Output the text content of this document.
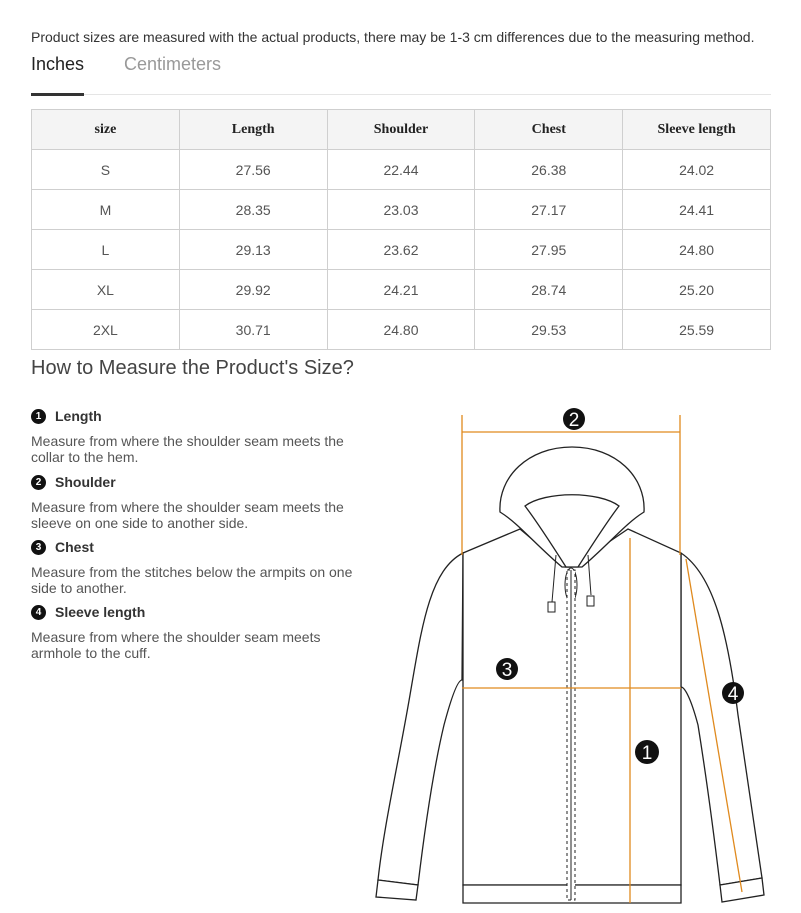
Product sizes are measured with the actual products, there may be 1-3 cm differences due to the measuring method.
Inches Centimeters
size	Length	Shoulder	Chest	Sleeve length
S	27.56	22.44	26.38	24.02
M	28.35	23.03	27.17	24.41
L	29.13	23.62	27.95	24.80
XL	29.92	24.21	28.74	25.20
2XL	30.71	24.80	29.53	25.59
How to Measure the Product's Size?
1 Length
Measure from where the shoulder seam meets the collar to the hem.
2 Shoulder
Measure from where the shoulder seam meets the sleeve on one side to another side.
3 Chest
Measure from the stitches below the armpits on one side to another.
4 Sleeve length
Measure from where the shoulder seam meets armhole to the cuff.
2
3
4
1
